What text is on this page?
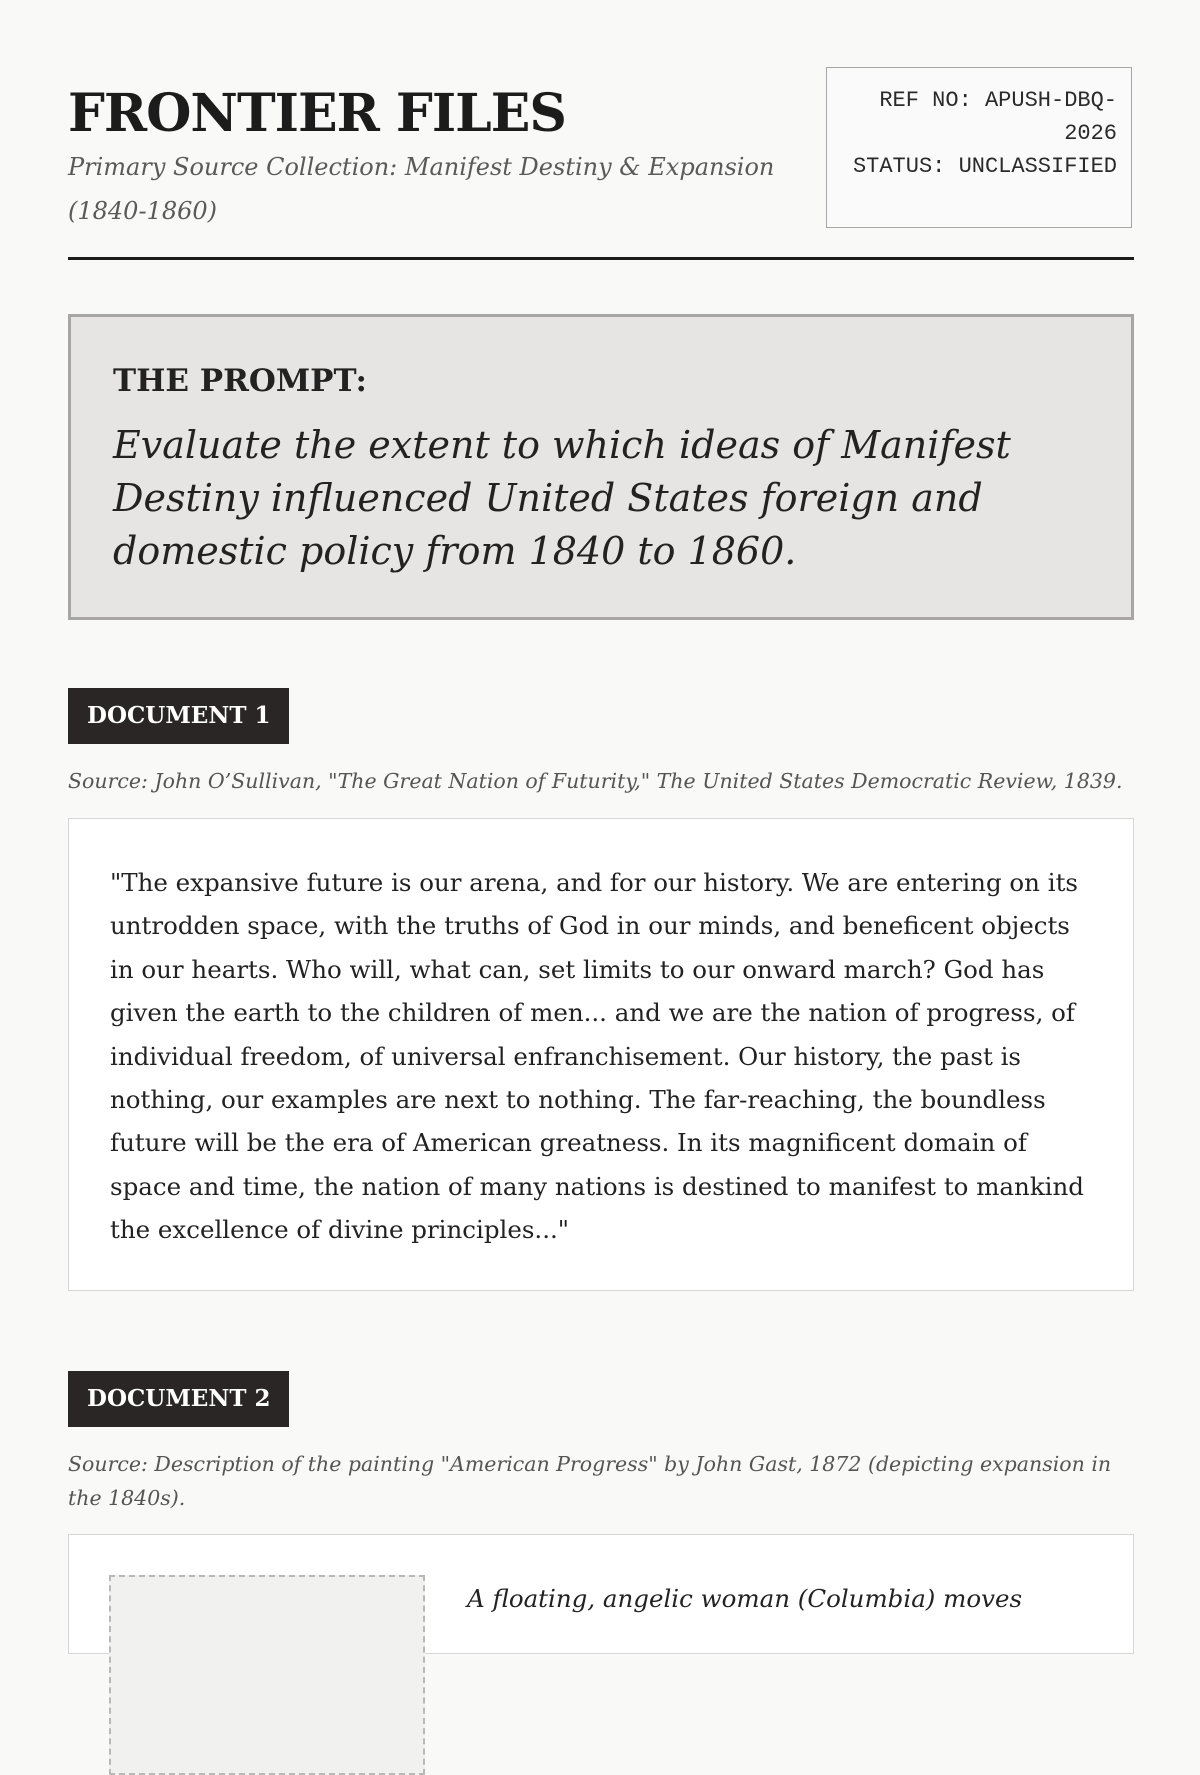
FRONTIER FILES
Primary Source Collection: Manifest Destiny & Expansion (1840-1860)
REF NO: APUSH-DBQ-2026
STATUS: UNCLASSIFIED

THE PROMPT:

Evaluate the extent to which ideas of Manifest Destiny influenced United States foreign and domestic policy from 1840 to 1860.

DOCUMENT 1
Source: John O’Sullivan, "The Great Nation of Futurity," The United States Democratic Review, 1839.

"The expansive future is our arena, and for our history. We are entering on its untrodden space, with the truths of God in our minds, and beneficent objects in our hearts. Who will, what can, set limits to our onward march? God has given the earth to the children of men... and we are the nation of progress, of individual freedom, of universal enfranchisement. Our history, the past is nothing, our examples are next to nothing. The far-reaching, the boundless future will be the era of American greatness. In its magnificent domain of space and time, the nation of many nations is destined to manifest to mankind the excellence of divine principles..."

DOCUMENT 2
Source: Description of the painting "American Progress" by John Gast, 1872 (depicting expansion in the 1840s).

A floating, angelic woman (Columbia) moves
